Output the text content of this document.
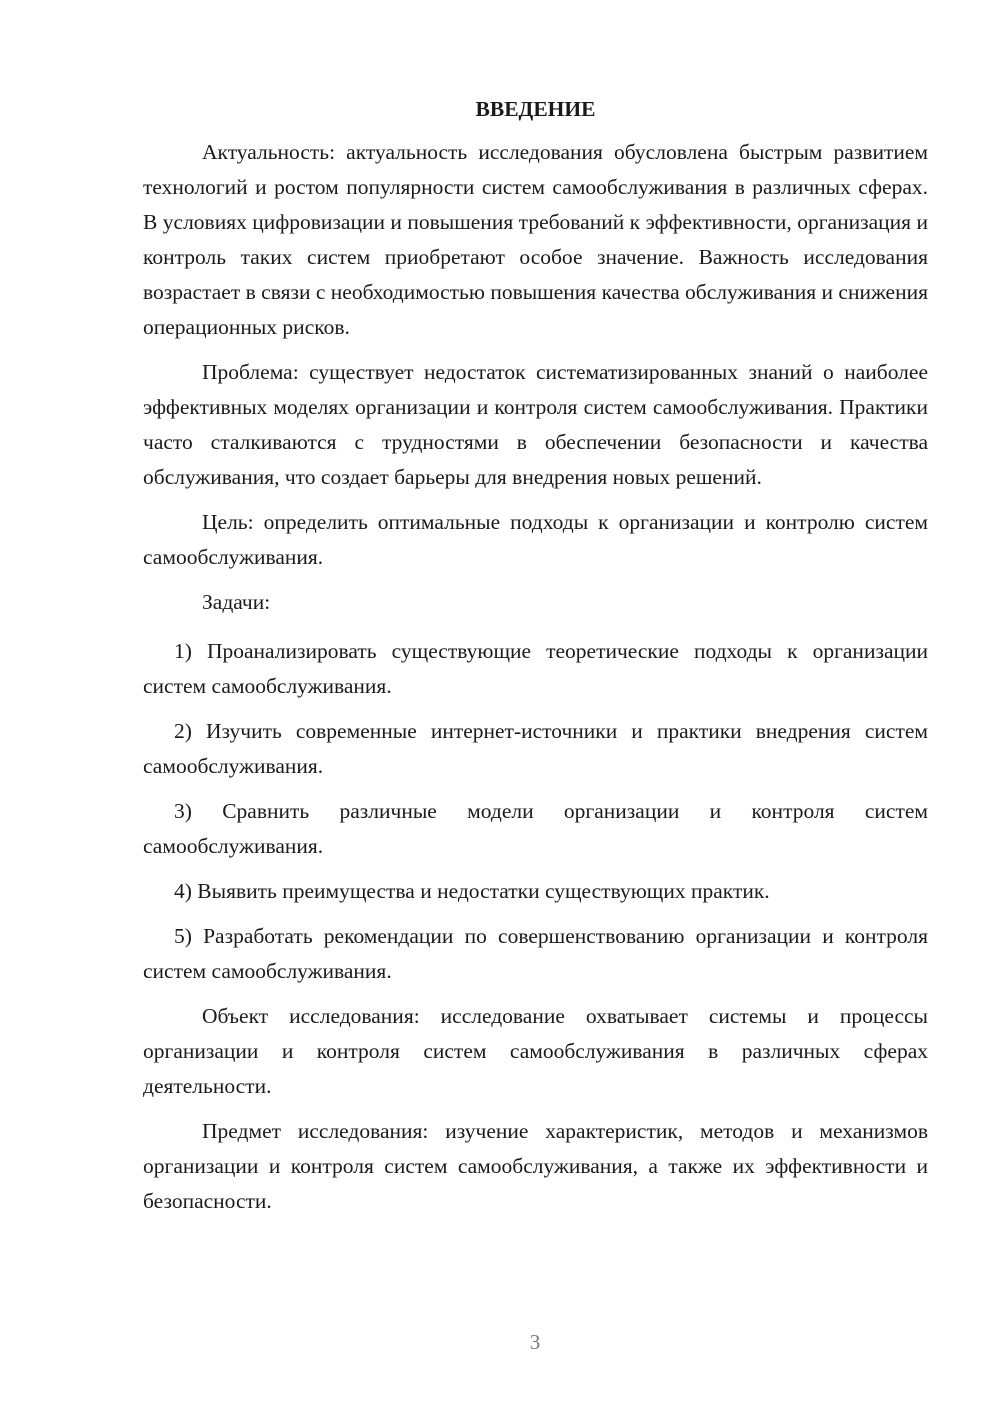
ВВЕДЕНИЕ

Актуальность: актуальность исследования обусловлена быстрым развитием технологий и ростом популярности систем самообслуживания в различных сферах. В условиях цифровизации и повышения требований к эффективности, организация и контроль таких систем приобретают особое значение. Важность исследования возрастает в связи с необходимостью повышения качества обслуживания и снижения операционных рисков.

Проблема: существует недостаток систематизированных знаний о наиболее эффективных моделях организации и контроля систем самообслуживания. Практики часто сталкиваются с трудностями в обеспечении безопасности и качества обслуживания, что создает барьеры для внедрения новых решений.

Цель: определить оптимальные подходы к организации и контролю систем самообслуживания.

Задачи:

1) Проанализировать существующие теоретические подходы к организации систем самообслуживания.

2) Изучить современные интернет-источники и практики внедрения систем самообслуживания.

3) Сравнить различные модели организации и контроля систем самообслуживания.

4) Выявить преимущества и недостатки существующих практик.

5) Разработать рекомендации по совершенствованию организации и контроля систем самообслуживания.

Объект исследования: исследование охватывает системы и процессы организации и контроля систем самообслуживания в различных сферах деятельности.

Предмет исследования: изучение характеристик, методов и механизмов организации и контроля систем самообслуживания, а также их эффективности и безопасности.

3
